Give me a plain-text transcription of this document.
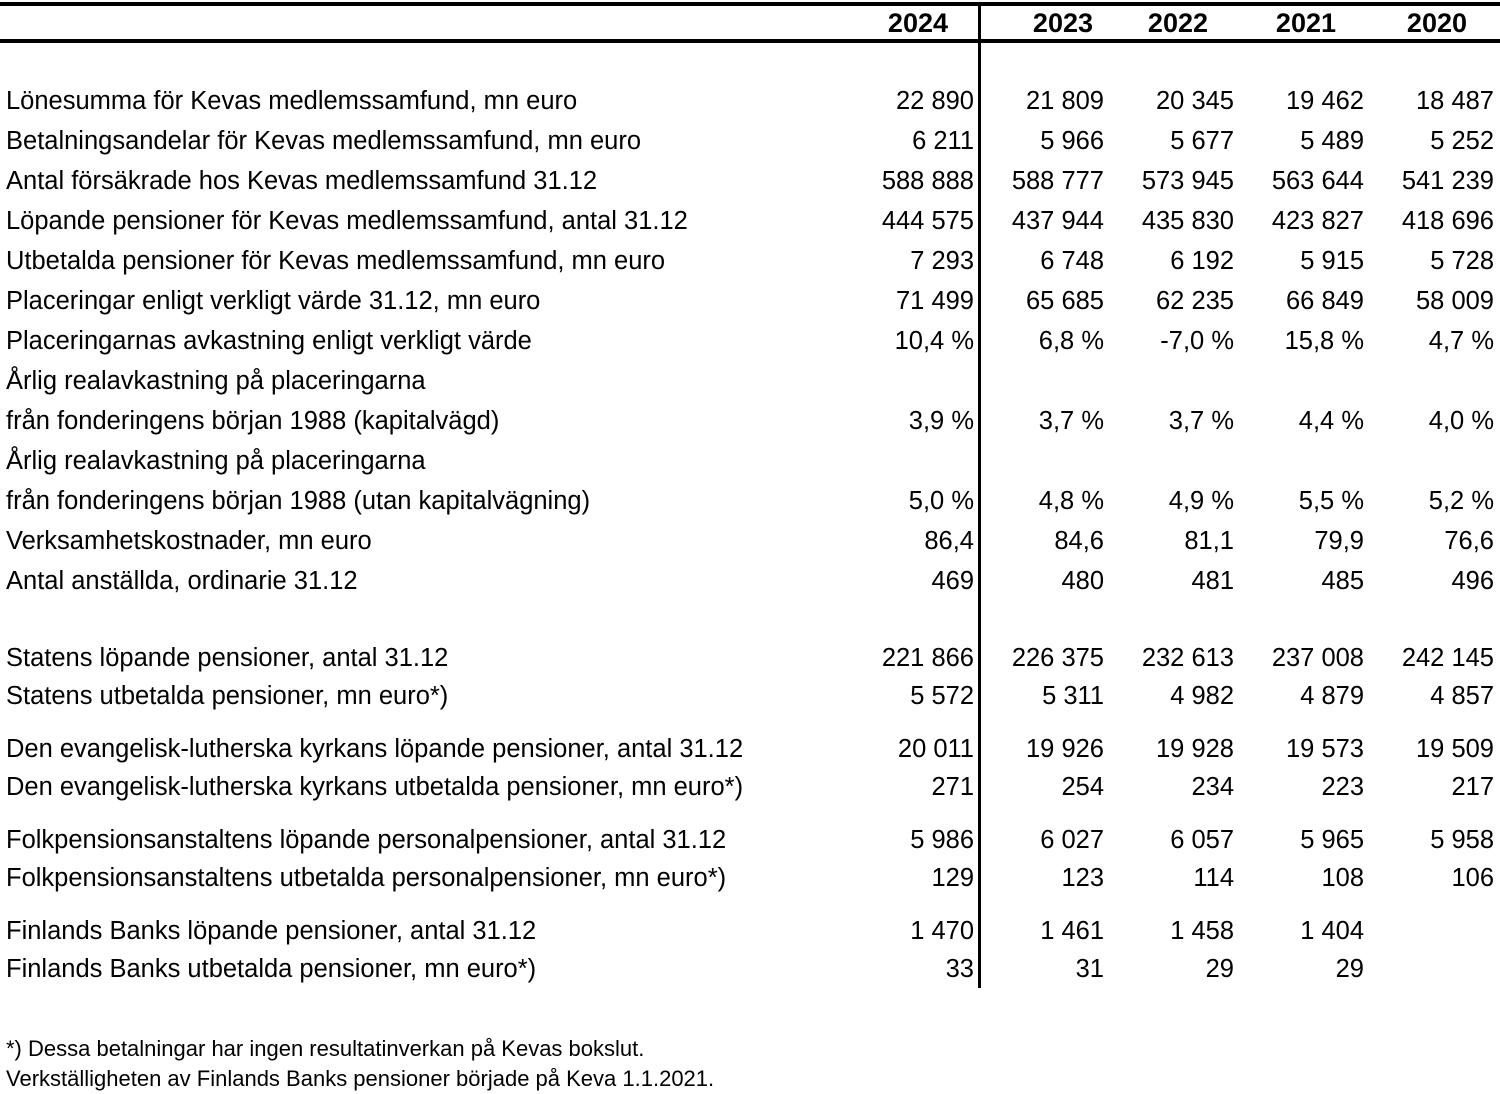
2024	2023	2022	2021	2020
Lönesumma för Kevas medlemssamfund, mn euro	22 890	21 809	20 345	19 462	18 487
Betalningsandelar för Kevas medlemssamfund, mn euro	6 211	5 966	5 677	5 489	5 252
Antal försäkrade hos Kevas medlemssamfund 31.12	588 888	588 777	573 945	563 644	541 239
Löpande pensioner för Kevas medlemssamfund, antal 31.12	444 575	437 944	435 830	423 827	418 696
Utbetalda pensioner för Kevas medlemssamfund, mn euro	7 293	6 748	6 192	5 915	5 728
Placeringar enligt verkligt värde 31.12, mn euro	71 499	65 685	62 235	66 849	58 009
Placeringarnas avkastning enligt verkligt värde	10,4 %	6,8 %	-7,0 %	15,8 %	4,7 %
Årlig realavkastning på placeringarna
från fonderingens början 1988 (kapitalvägd)	3,9 %	3,7 %	3,7 %	4,4 %	4,0 %
Årlig realavkastning på placeringarna
från fonderingens början 1988 (utan kapitalvägning)	5,0 %	4,8 %	4,9 %	5,5 %	5,2 %
Verksamhetskostnader, mn euro	86,4	84,6	81,1	79,9	76,6
Antal anställda, ordinarie 31.12	469	480	481	485	496
Statens löpande pensioner, antal 31.12	221 866	226 375	232 613	237 008	242 145
Statens utbetalda pensioner, mn euro*)	5 572	5 311	4 982	4 879	4 857
Den evangelisk-lutherska kyrkans löpande pensioner, antal 31.12	20 011	19 926	19 928	19 573	19 509
Den evangelisk-lutherska kyrkans utbetalda pensioner, mn euro*)	271	254	234	223	217
Folkpensionsanstaltens löpande personalpensioner, antal 31.12	5 986	6 027	6 057	5 965	5 958
Folkpensionsanstaltens utbetalda personalpensioner, mn euro*)	129	123	114	108	106
Finlands Banks löpande pensioner, antal 31.12	1 470	1 461	1 458	1 404
Finlands Banks utbetalda pensioner, mn euro*)	33	31	29	29
*) Dessa betalningar har ingen resultatinverkan på Kevas bokslut.
Verkställigheten av Finlands Banks pensioner började på Keva 1.1.2021.
